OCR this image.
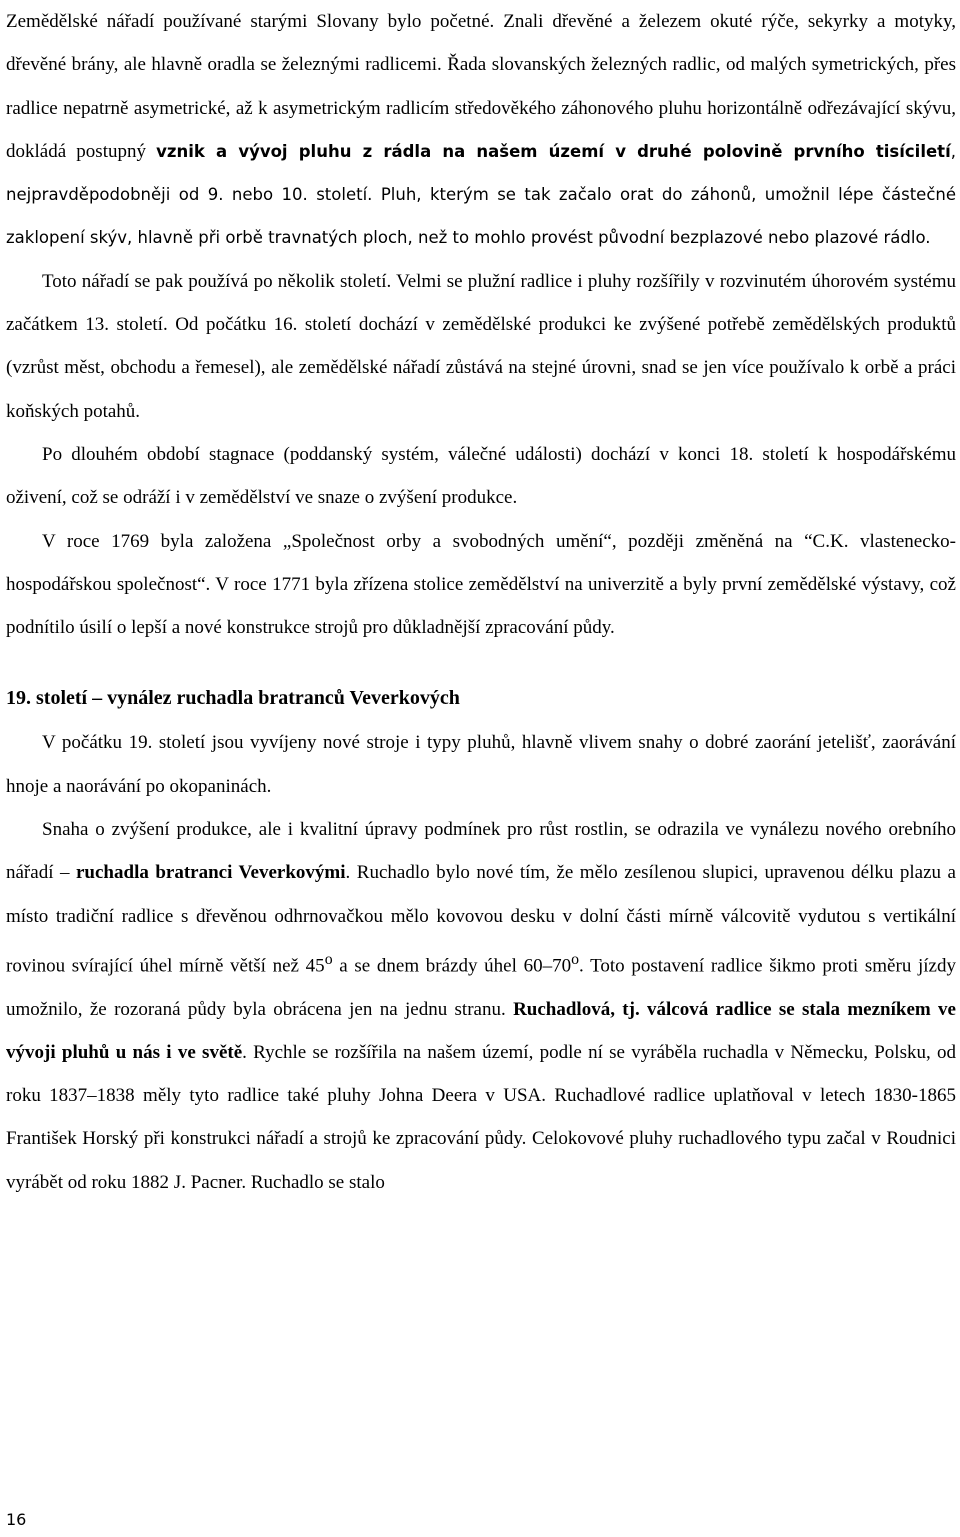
Zemědělské nářadí používané starými Slovany bylo početné. Znali dřevěné a železem okuté rýče, sekyrky a motyky, dřevěné brány, ale hlavně oradla se železnými radlicemi. Řada slovanských železných radlic, od malých symetrických, přes radlice nepatrně asymetrické, až k asymetrickým radlicím středověkého záhonového pluhu horizontálně odřezávající skývu, dokládá postupný vznik a vývoj pluhu z rádla na našem území v druhé polovině prvního tisíciletí, nejpravděpodobněji od 9. nebo 10. století. Pluh, kterým se tak začalo orat do záhonů, umožnil lépe částečné zaklopení skýv, hlavně při orbě travnatých ploch, než to mohlo provést původní bezplazové nebo plazové rádlo.

Toto nářadí se pak používá po několik století. Velmi se plužní radlice i pluhy rozšířily v rozvinutém úhorovém systému začátkem 13. století. Od počátku 16. století dochází v zemědělské produkci ke zvýšené potřebě zemědělských produktů (vzrůst měst, obchodu a řemesel), ale zemědělské nářadí zůstává na stejné úrovni, snad se jen více používalo k orbě a práci koňských potahů.

Po dlouhém období stagnace (poddanský systém, válečné události) dochází v konci 18. století k hospodářskému oživení, což se odráží i v zemědělství ve snaze o zvýšení produkce.

V roce 1769 byla založena „Společnost orby a svobodných umění“, později změněná na “C.K. vlastenecko-hospodářskou společnost“. V roce 1771 byla zřízena stolice zemědělství na univerzitě a byly první zemědělské výstavy, což podnítilo úsilí o lepší a nové konstrukce strojů pro důkladnější zpracování půdy.

19. století – vynález ruchadla bratranců Veverkových

V počátku 19. století jsou vyvíjeny nové stroje i typy pluhů, hlavně vlivem snahy o dobré zaorání jetelišť, zaorávání hnoje a naorávání po okopaninách.

Snaha o zvýšení produkce, ale i kvalitní úpravy podmínek pro růst rostlin, se odrazila ve vynálezu nového orebního nářadí – ruchadla bratranci Veverkovými. Ruchadlo bylo nové tím, že mělo zesílenou slupici, upravenou délku plazu a místo tradiční radlice s dřevěnou odhrnovačkou mělo kovovou desku v dolní části mírně válcovitě vydutou s vertikální rovinou svírající úhel mírně větší než 45$^o$ a se dnem brázdy úhel 60–70$^o$. Toto postavení radlice šikmo proti směru jízdy umožnilo, že rozoraná půdy byla obrácena jen na jednu stranu. Ruchadlová, tj. válcová radlice se stala mezníkem ve vývoji pluhů u nás i ve světě. Rychle se rozšířila na našem území, podle ní se vyráběla ruchadla v Německu, Polsku, od roku 1837–1838 měly tyto radlice také pluhy Johna Deera v USA. Ruchadlové radlice uplatňoval v letech 1830-1865 František Horský při konstrukci nářadí a strojů ke zpracování půdy. Celokovové pluhy ruchadlového typu začal v Roudnici vyrábět od roku 1882 J. Pacner. Ruchadlo se stalo

16
